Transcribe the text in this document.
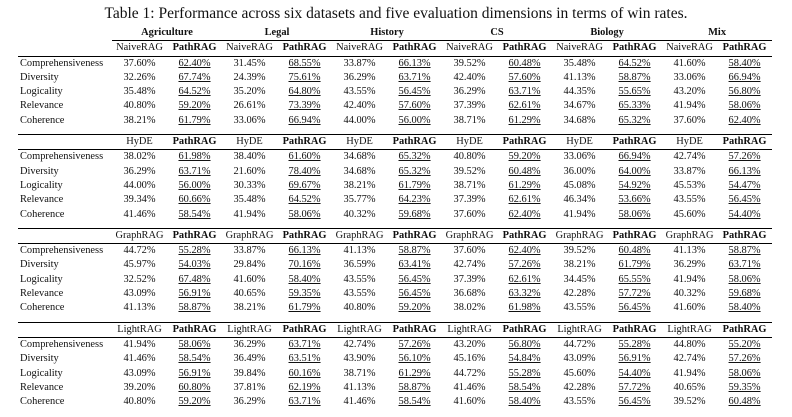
Table 1: Performance across six datasets and five evaluation dimensions in terms of win rates.
	Agriculture		Legal		History		CS		Biology		Mix	
	NaiveRAG	PathRAG	NaiveRAG	PathRAG	NaiveRAG	PathRAG	NaiveRAG	PathRAG	NaiveRAG	PathRAG	NaiveRAG	PathRAG
Comprehensiveness	37.60%	62.40%	31.45%	68.55%	33.87%	66.13%	39.52%	60.48%	35.48%	64.52%	41.60%	58.40%
Diversity	32.26%	67.74%	24.39%	75.61%	36.29%	63.71%	42.40%	57.60%	41.13%	58.87%	33.06%	66.94%
Logicality	35.48%	64.52%	35.20%	64.80%	43.55%	56.45%	36.29%	63.71%	44.35%	55.65%	43.20%	56.80%
Relevance	40.80%	59.20%	26.61%	73.39%	42.40%	57.60%	37.39%	62.61%	34.67%	65.33%	41.94%	58.06%
Coherence	38.21%	61.79%	33.06%	66.94%	44.00%	56.00%	38.71%	61.29%	34.68%	65.32%	37.60%	62.40%

	HyDE	PathRAG	HyDE	PathRAG	HyDE	PathRAG	HyDE	PathRAG	HyDE	PathRAG	HyDE	PathRAG
Comprehensiveness	38.02%	61.98%	38.40%	61.60%	34.68%	65.32%	40.80%	59.20%	33.06%	66.94%	42.74%	57.26%
Diversity	36.29%	63.71%	21.60%	78.40%	34.68%	65.32%	39.52%	60.48%	36.00%	64.00%	33.87%	66.13%
Logicality	44.00%	56.00%	30.33%	69.67%	38.21%	61.79%	38.71%	61.29%	45.08%	54.92%	45.53%	54.47%
Relevance	39.34%	60.66%	35.48%	64.52%	35.77%	64.23%	37.39%	62.61%	46.34%	53.66%	43.55%	56.45%
Coherence	41.46%	58.54%	41.94%	58.06%	40.32%	59.68%	37.60%	62.40%	41.94%	58.06%	45.60%	54.40%

	GraphRAG	PathRAG	GraphRAG	PathRAG	GraphRAG	PathRAG	GraphRAG	PathRAG	GraphRAG	PathRAG	GraphRAG	PathRAG
Comprehensiveness	44.72%	55.28%	33.87%	66.13%	41.13%	58.87%	37.60%	62.40%	39.52%	60.48%	41.13%	58.87%
Diversity	45.97%	54.03%	29.84%	70.16%	36.59%	63.41%	42.74%	57.26%	38.21%	61.79%	36.29%	63.71%
Logicality	32.52%	67.48%	41.60%	58.40%	43.55%	56.45%	37.39%	62.61%	34.45%	65.55%	41.94%	58.06%
Relevance	43.09%	56.91%	40.65%	59.35%	43.55%	56.45%	36.68%	63.32%	42.28%	57.72%	40.32%	59.68%
Coherence	41.13%	58.87%	38.21%	61.79%	40.80%	59.20%	38.02%	61.98%	43.55%	56.45%	41.60%	58.40%

	LightRAG	PathRAG	LightRAG	PathRAG	LightRAG	PathRAG	LightRAG	PathRAG	LightRAG	PathRAG	LightRAG	PathRAG
Comprehensiveness	41.94%	58.06%	36.29%	63.71%	42.74%	57.26%	43.20%	56.80%	44.72%	55.28%	44.80%	55.20%
Diversity	41.46%	58.54%	36.49%	63.51%	43.90%	56.10%	45.16%	54.84%	43.09%	56.91%	42.74%	57.26%
Logicality	43.09%	56.91%	39.84%	60.16%	38.71%	61.29%	44.72%	55.28%	45.60%	54.40%	41.94%	58.06%
Relevance	39.20%	60.80%	37.81%	62.19%	41.13%	58.87%	41.46%	58.54%	42.28%	57.72%	40.65%	59.35%
Coherence	40.80%	59.20%	36.29%	63.71%	41.46%	58.54%	41.60%	58.40%	43.55%	56.45%	39.52%	60.48%
